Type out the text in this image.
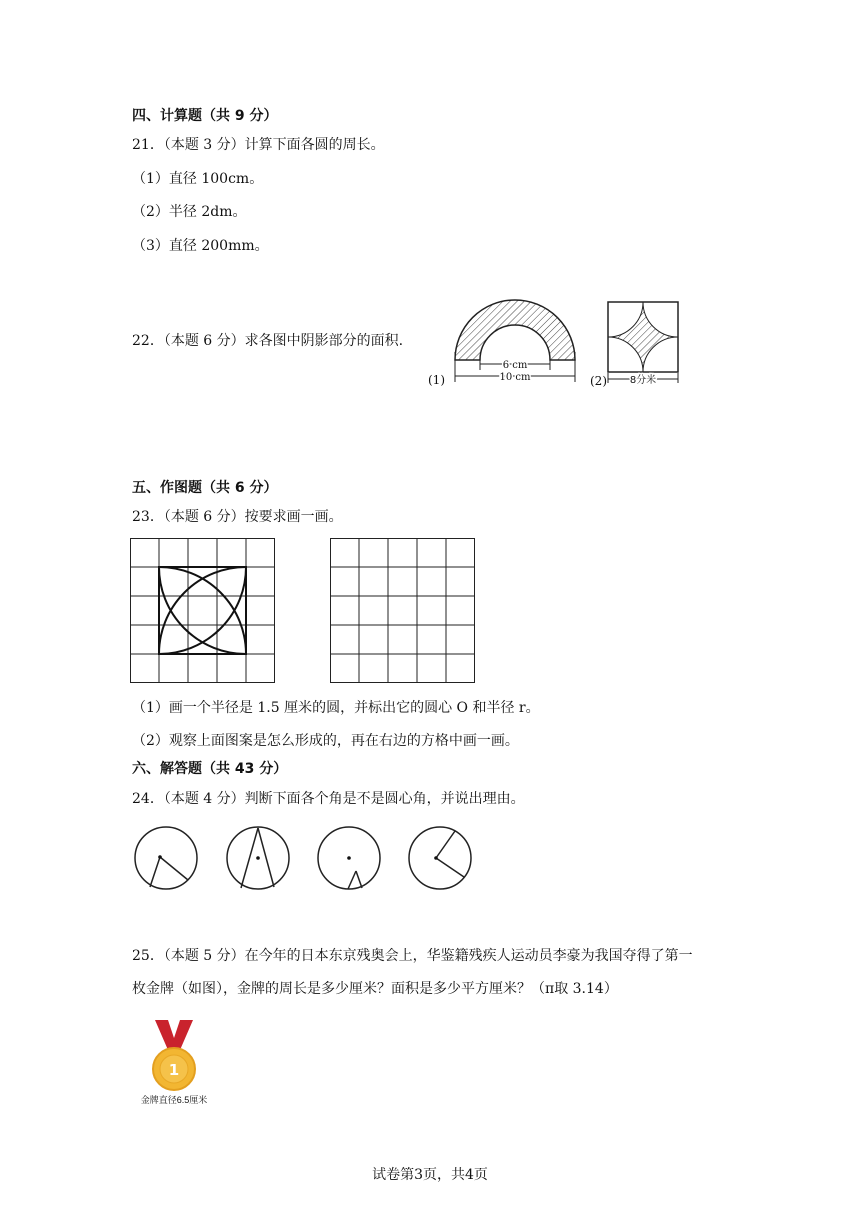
四、计算题（共 9 分）
21．（本题 3 分）计算下面各圆的周长。
（1）直径 100cm。
（2）半径 2dm。
（3）直径 200mm。
22．（本题 6 分）求各图中阴影部分的面积.
6 cm
10 cm
(1)	8分米
(2)
五、作图题（共 6 分）
23．（本题 6 分）按要求画一画。
（1）画一个半径是 1.5 厘米的圆，并标出它的圆心 O 和半径 r。
（2）观察上面图案是怎么形成的，再在右边的方格中画一画。
六、解答题（共 43 分）
24．（本题 4 分）判断下面各个角是不是圆心角，并说出理由。
25．（本题 5 分）在今年的日本东京残奥会上，华鉴籍残疾人运动员李豪为我国夺得了第一
枚金牌（如图），金牌的周长是多少厘米？面积是多少平方厘米？（π取 3.14）
1
金牌直径6.5厘米
试卷第3页，共4页
